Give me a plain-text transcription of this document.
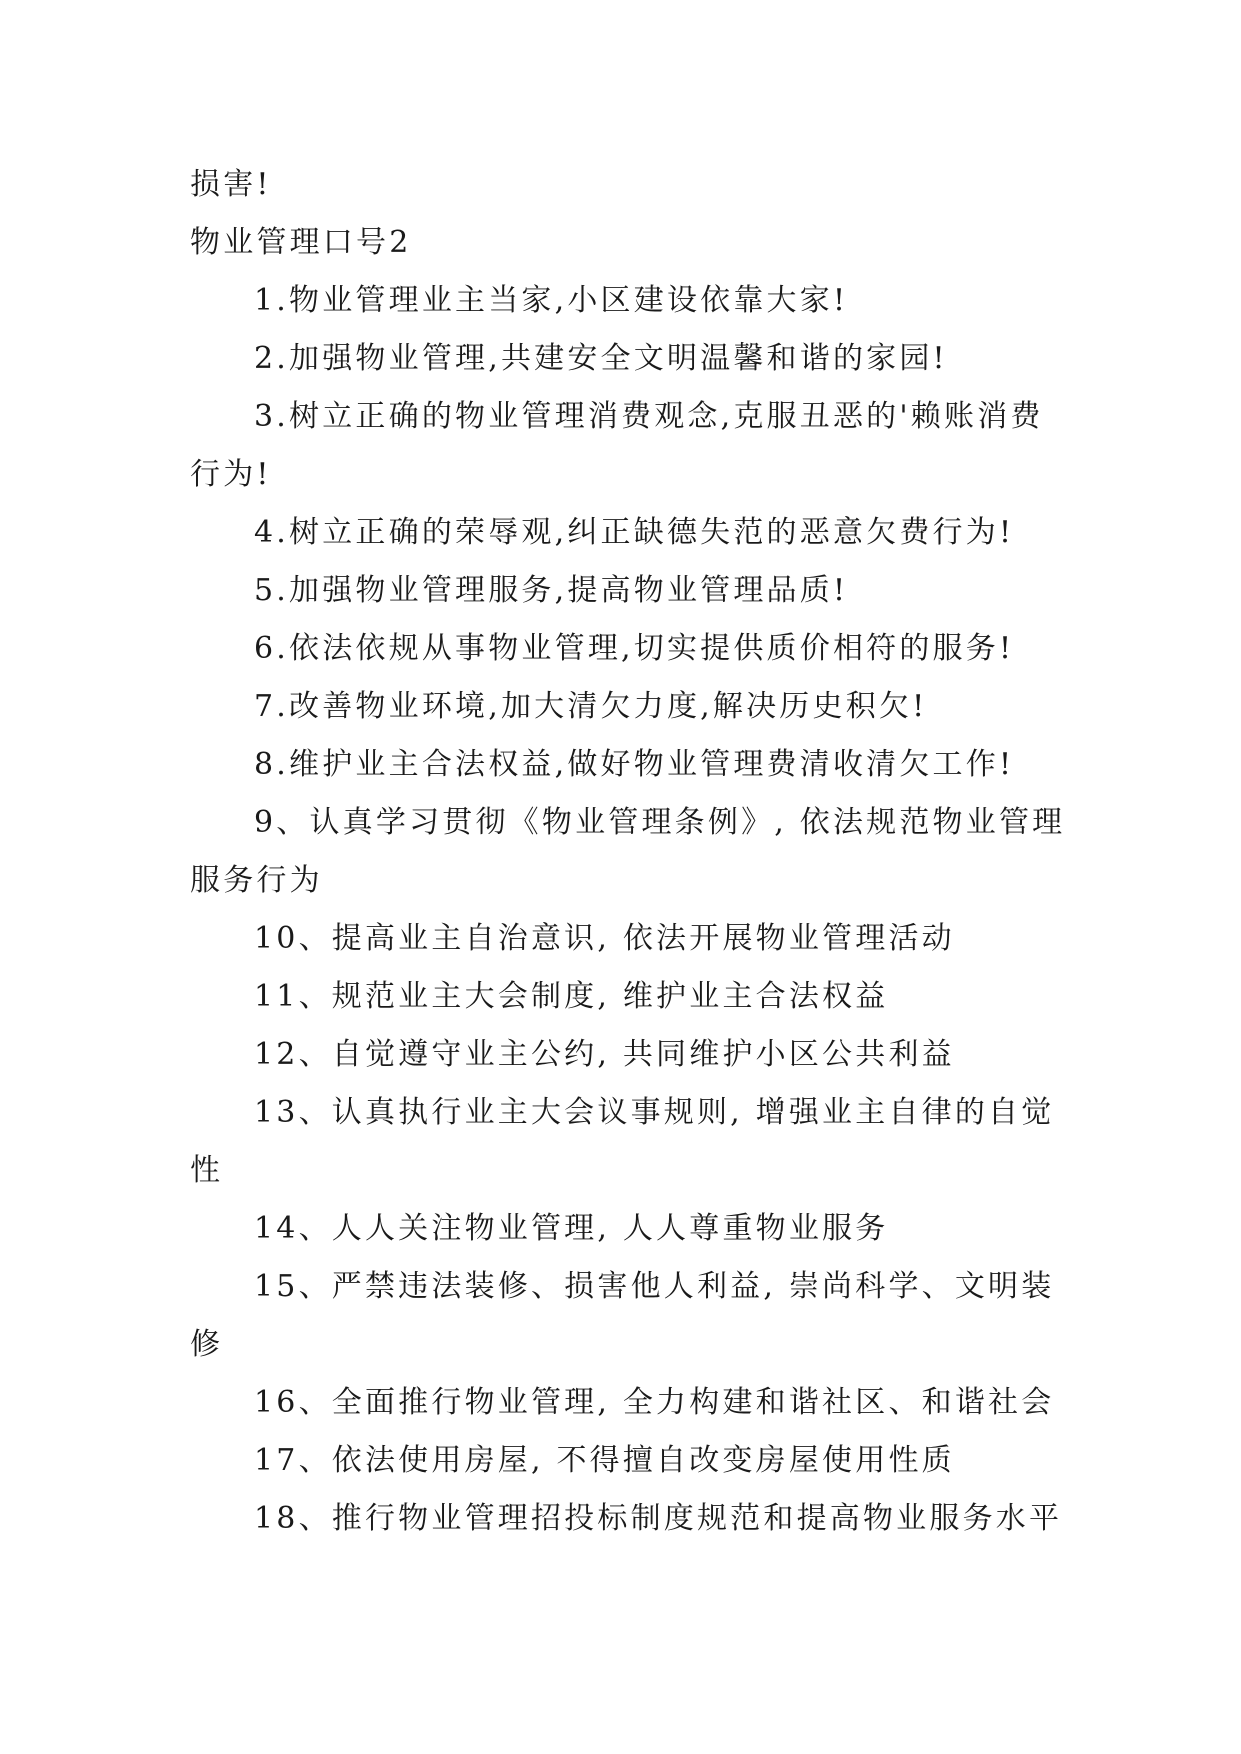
损害!
物业管理口号2
1.物业管理业主当家,小区建设依靠大家!
2.加强物业管理,共建安全文明温馨和谐的家园!
3.树立正确的物业管理消费观念,克服丑恶的'赖账消费
行为!
4.树立正确的荣辱观,纠正缺德失范的恶意欠费行为!
5.加强物业管理服务,提高物业管理品质!
6.依法依规从事物业管理,切实提供质价相符的服务!
7.改善物业环境,加大清欠力度,解决历史积欠!
8.维护业主合法权益,做好物业管理费清收清欠工作!
9、认真学习贯彻《物业管理条例》, 依法规范物业管理
服务行为
10、提高业主自治意识, 依法开展物业管理活动
11、规范业主大会制度, 维护业主合法权益
12、自觉遵守业主公约, 共同维护小区公共利益
13、认真执行业主大会议事规则, 增强业主自律的自觉
性
14、人人关注物业管理, 人人尊重物业服务
15、严禁违法装修、损害他人利益, 崇尚科学、文明装
修
16、全面推行物业管理, 全力构建和谐社区、和谐社会
17、依法使用房屋, 不得擅自改变房屋使用性质
18、推行物业管理招投标制度规范和提高物业服务水平
